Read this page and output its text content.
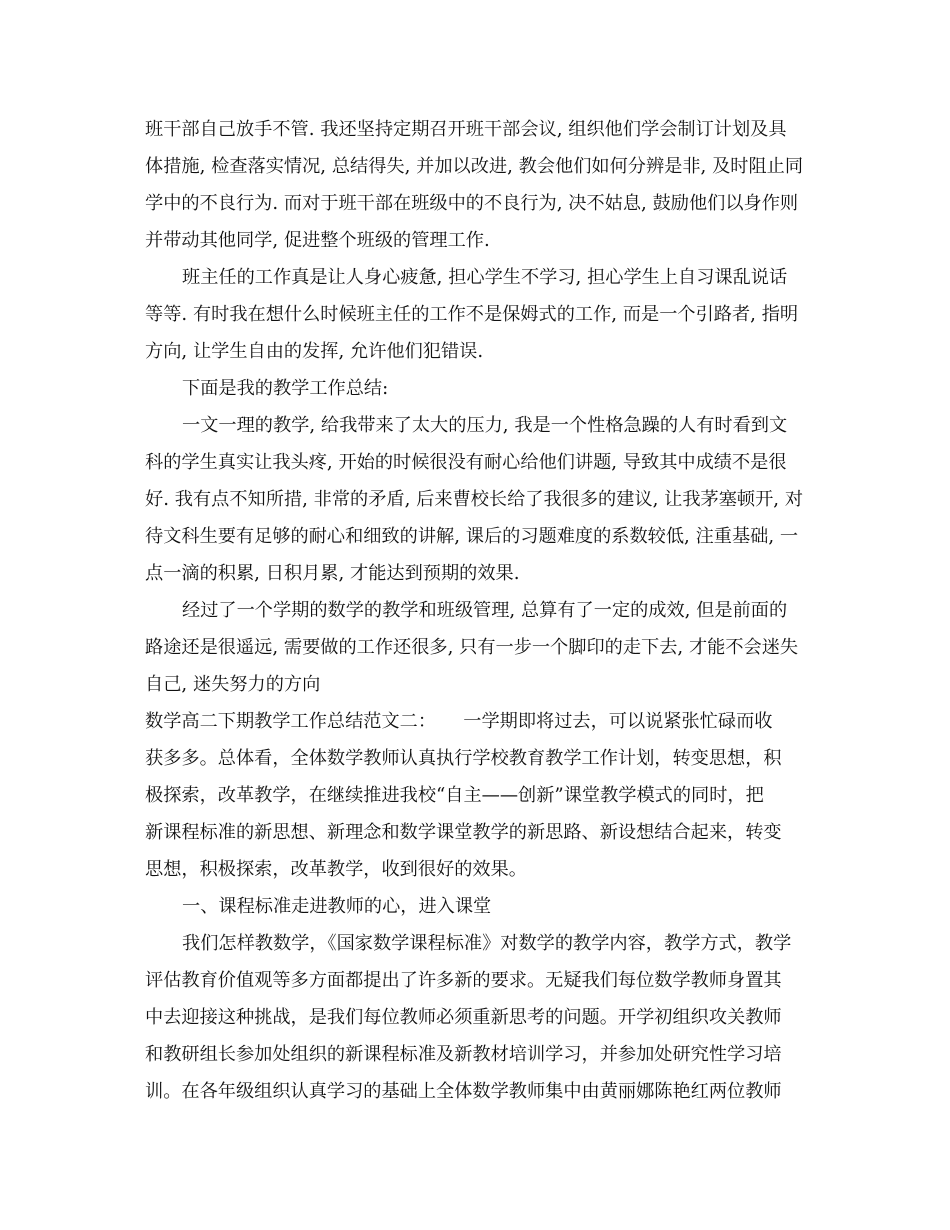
班干部自己放手不管. 我还坚持定期召开班干部会议, 组织他们学会制订计划及具
体措施, 检查落实情况, 总结得失, 并加以改进, 教会他们如何分辨是非, 及时阻止同
学中的不良行为. 而对于班干部在班级中的不良行为, 决不姑息, 鼓励他们以身作则
并带动其他同学, 促进整个班级的管理工作.
班主任的工作真是让人身心疲惫, 担心学生不学习, 担心学生上自习课乱说话
等等. 有时我在想什么时候班主任的工作不是保姆式的工作, 而是一个引路者, 指明
方向, 让学生自由的发挥, 允许他们犯错误.
下面是我的教学工作总结:
一文一理的教学, 给我带来了太大的压力, 我是一个性格急躁的人有时看到文
科的学生真实让我头疼, 开始的时候很没有耐心给他们讲题, 导致其中成绩不是很
好. 我有点不知所措, 非常的矛盾, 后来曹校长给了我很多的建议, 让我茅塞顿开, 对
待文科生要有足够的耐心和细致的讲解, 课后的习题难度的系数较低, 注重基础, 一
点一滴的积累, 日积月累, 才能达到预期的效果.
经过了一个学期的数学的教学和班级管理, 总算有了一定的成效, 但是前面的
路途还是很遥远, 需要做的工作还很多, 只有一步一个脚印的走下去, 才能不会迷失
自己, 迷失努力的方向
数学高二下期教学工作总结范文二：　　一学期即将过去，可以说紧张忙碌而收
获多多。总体看，全体数学教师认真执行学校教育教学工作计划，转变思想，积
极探索，改革教学，在继续推进我校“自主——创新”课堂教学模式的同时，把
新课程标准的新思想、新理念和数学课堂教学的新思路、新设想结合起来，转变
思想，积极探索，改革教学，收到很好的效果。
一、课程标准走进教师的心，进入课堂
我们怎样教数学，《国家数学课程标准》对数学的教学内容，教学方式，教学
评估教育价值观等多方面都提出了许多新的要求。无疑我们每位数学教师身置其
中去迎接这种挑战，是我们每位教师必须重新思考的问题。开学初组织攻关教师
和教研组长参加处组织的新课程标准及新教材培训学习，并参加处研究性学习培
训。在各年级组织认真学习的基础上全体数学教师集中由黄丽娜陈艳红两位教师
